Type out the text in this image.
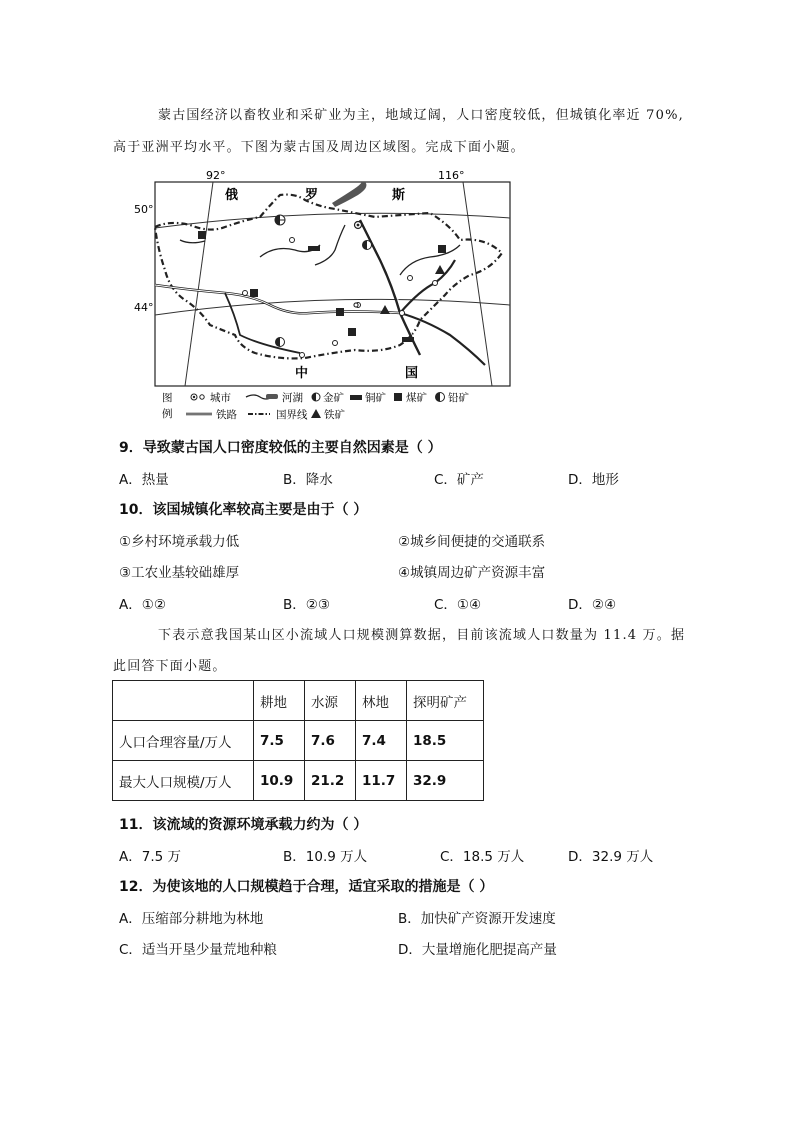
蒙古国经济以畜牧业和采矿业为主，地域辽阔，人口密度较低，但城镇化率近 70%,
高于亚洲平均水平。下图为蒙古国及周边区域图。完成下面小题。
92°	116°
50°
44°
俄	罗	斯
中	国
图
例
城市	河湖 金矿 铜矿 煤矿 铅矿
铁路	国界线 铁矿
9．导致蒙古国人口密度较低的主要自然因素是（ ）
A．热量	B．降水	C．矿产	D．地形
10．该国城镇化率较高主要是由于（ ）
①乡村环境承载力低	②城乡间便捷的交通联系
③工农业基较础雄厚	④城镇周边矿产资源丰富
A．①②	B．②③	C．①④	D．②④
下表示意我国某山区小流域人口规模测算数据，目前该流域人口数量为 11.4 万。据
此回答下面小题。
	耕地	水源	林地	探明矿产
人口合理容量/万人	7.5	7.6	7.4	18.5
最大人口规模/万人	10.9	21.2	11.7	32.9
11．该流域的资源环境承载力约为（ ）
A．7.5 万	B．10.9 万人	C．18.5 万人	D．32.9 万人
12．为使该地的人口规模趋于合理，适宜采取的措施是（ ）
A．压缩部分耕地为林地	B．加快矿产资源开发速度
C．适当开垦少量荒地种粮	D．大量增施化肥提高产量
